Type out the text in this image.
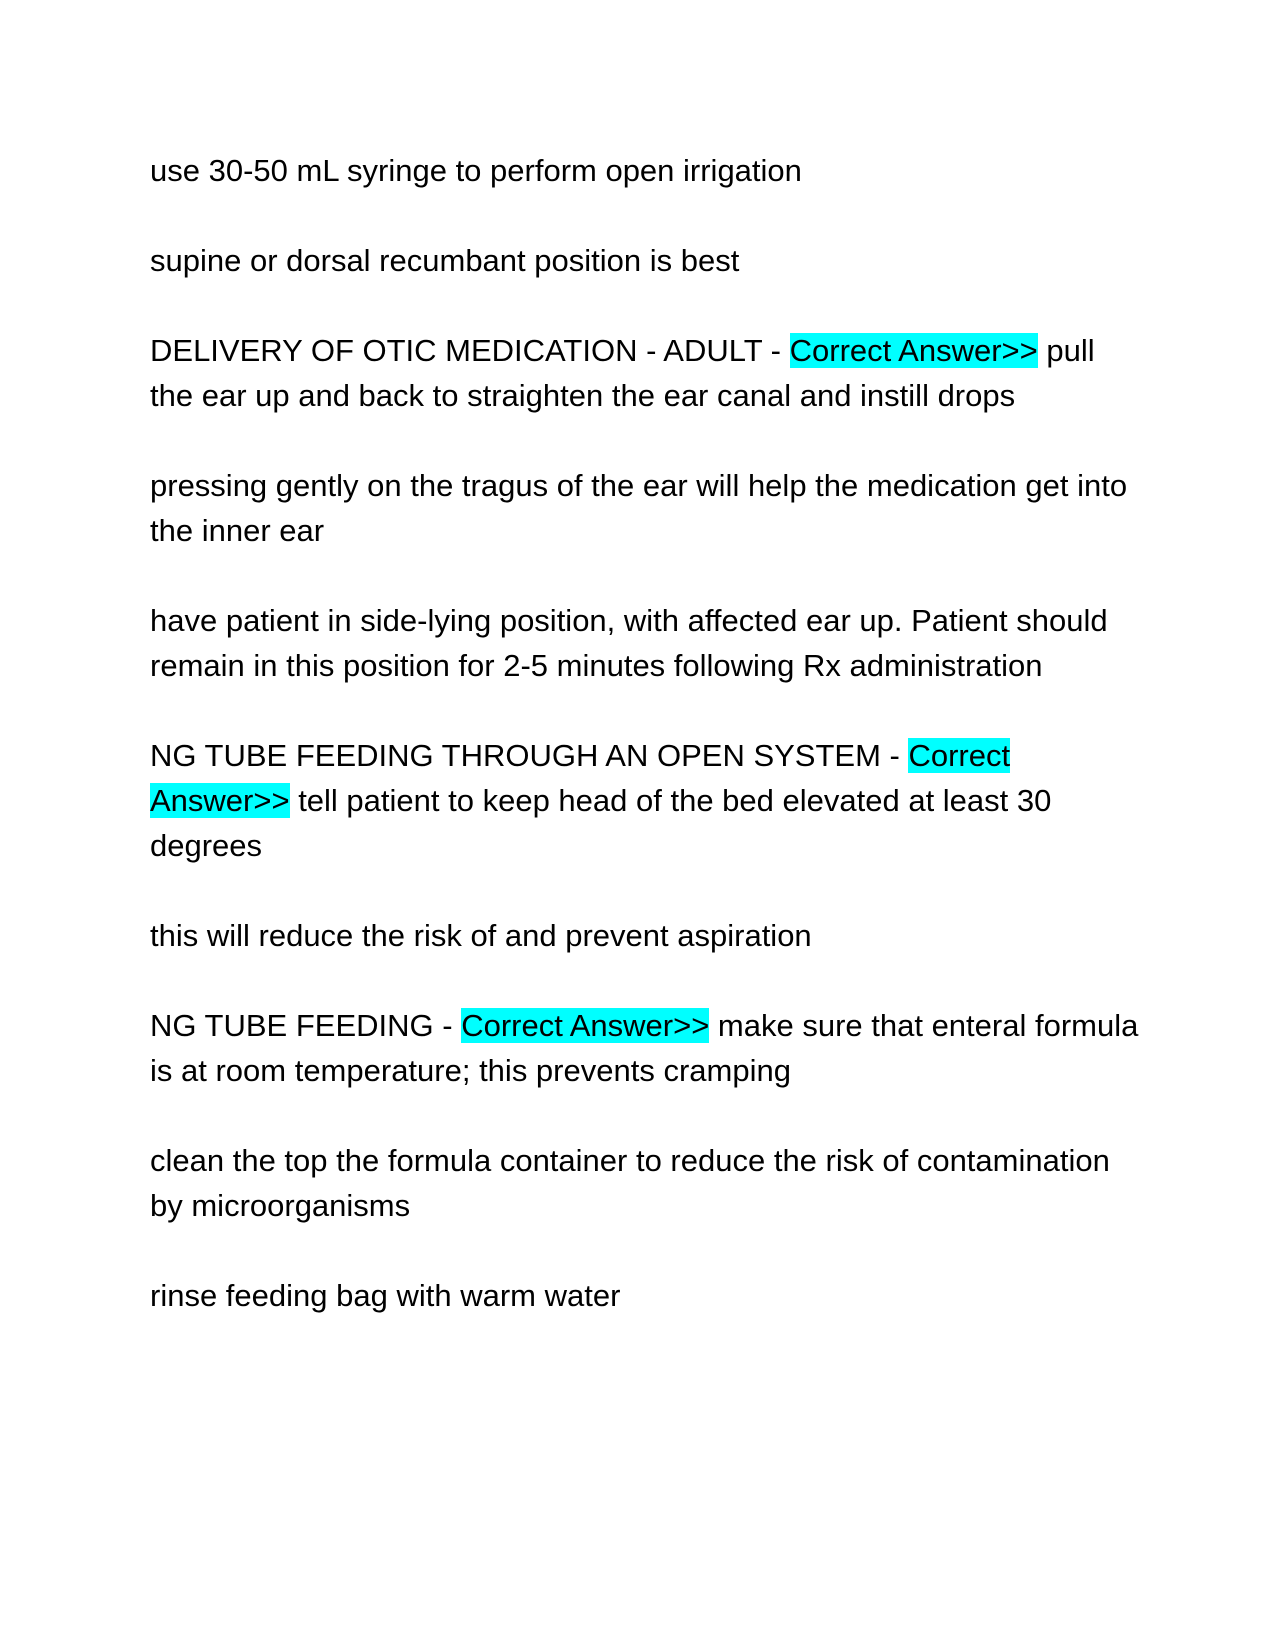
use 30-50 mL syringe to perform open irrigation

supine or dorsal recumbant position is best

DELIVERY OF OTIC MEDICATION - ADULT - Correct Answer>> pull the ear up and back to straighten the ear canal and instill drops

pressing gently on the tragus of the ear will help the medication get into the inner ear

have patient in side-lying position, with affected ear up. Patient should remain in this position for 2-5 minutes following Rx administration

NG TUBE FEEDING THROUGH AN OPEN SYSTEM - Correct Answer>> tell patient to keep head of the bed elevated at least 30 degrees

this will reduce the risk of and prevent aspiration

NG TUBE FEEDING - Correct Answer>> make sure that enteral formula is at room temperature; this prevents cramping

clean the top the formula container to reduce the risk of contamination by microorganisms

rinse feeding bag with warm water
